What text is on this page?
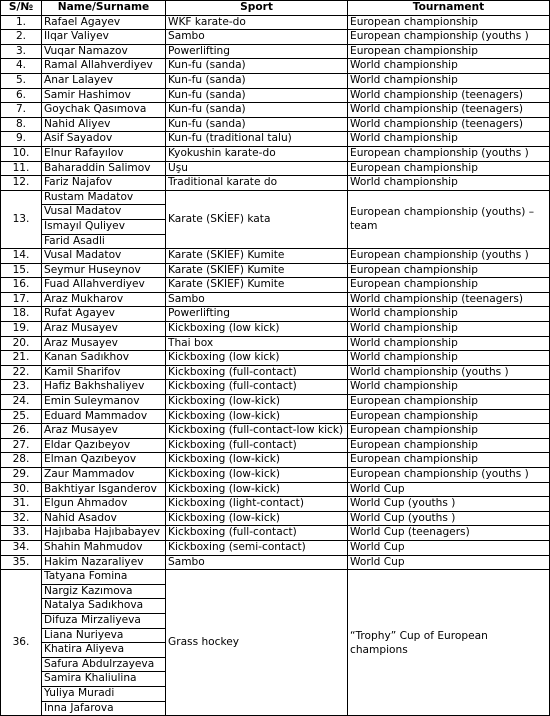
S/№	Name/Surname	Sport	Tournament
1.	Rafael Agayev	WKF karate-do	European championship
2.	İlqar Valiyev	Sambo	European championship (youths )
3.	Vuqar Namazov	Powerlifting	European championship
4.	Ramal Allahverdiyev	Kun-fu (sanda)	World championship
5.	Anar Lalayev	Kun-fu (sanda)	World championship
6.	Samir Hashimov	Kun-fu (sanda)	World championship (teenagers)
7.	Goychak Qasımova	Kun-fu (sanda)	World championship (teenagers)
8.	Nahid Aliyev	Kun-fu (sanda)	World championship (teenagers)
9.	Asif Sayadov	Kun-fu (traditional talu)	World championship
10.	Elnur Rafayılov	Kyokushin karate-do	European championship (youths )
11.	Baharaddin Salimov	Uşu	European championship
12.	Fariz Najafov	Traditional karate do	World championship
13.	Rustam Madatov	Karate (SKİEF) kata	European championship (youths) –team
	Vusal Madatov		
	İsmayıl Quliyev		
	Farid Asadli		
14.	Vusal Madatov	Karate (SKİEF) Kumite	European championship (youths )
15.	Seymur Huseynov	Karate (SKİEF) Kumite	European championship
16.	Fuad Allahverdiyev	Karate (SKİEF) Kumite	European championship
17.	Araz Mukharov	Sambo	World championship (teenagers)
18.	Rufat Agayev	Powerlifting	World championship
19.	Araz Musayev	Kickboxing (low kick)	World championship
20.	Araz Musayev	Thai box	World championship
21.	Kanan Sadıkhov	Kickboxing (low kick)	World championship
22.	Kamil Sharifov	Kickboxing (full-contact)	World championship (youths )
23.	Hafiz Bakhshaliyev	Kickboxing (full-contact)	World championship
24.	Emin Suleymanov	Kickboxing (low-kick)	European championship
25.	Eduard Mammadov	Kickboxing (low-kick)	European championship
26.	Araz Musayev	Kickboxing (full-contact-low kick)	European championship
27.	Eldar Qazıbeyov	Kickboxing (full-contact)	European championship
28.	Elman Qazıbeyov	Kickboxing (low-kick)	European championship
29.	Zaur Mammadov	Kickboxing (low-kick)	European championship (youths )
30.	Bakhtiyar İsganderov	Kickboxing (low-kick)	World Cup
31.	Elgun Ahmadov	Kickboxing (light-contact)	World Cup (youths )
32.	Nahid Asadov	Kickboxing (low-kick)	World Cup (youths )
33.	Hajıbaba Hajıbabayev	Kickboxing (full-contact)	World Cup (teenagers)
34.	Shahin Mahmudov	Kickboxing (semi-contact)	World Cup
35.	Hakim Nazaraliyev	Sambo	World Cup
36.	Tatyana Fomina	Grass hockey	“Trophy” Cup of European champions
	Nargiz Kazımova		
	Natalya Sadıkhova		
	Difuza Mirzaliyeva		
	Liana Nuriyeva		
	Khatira Aliyeva		
	Safura Abdulrzayeva		
	Samira Khaliulina		
	Yuliya Muradi		
	İnna Jafarova		
